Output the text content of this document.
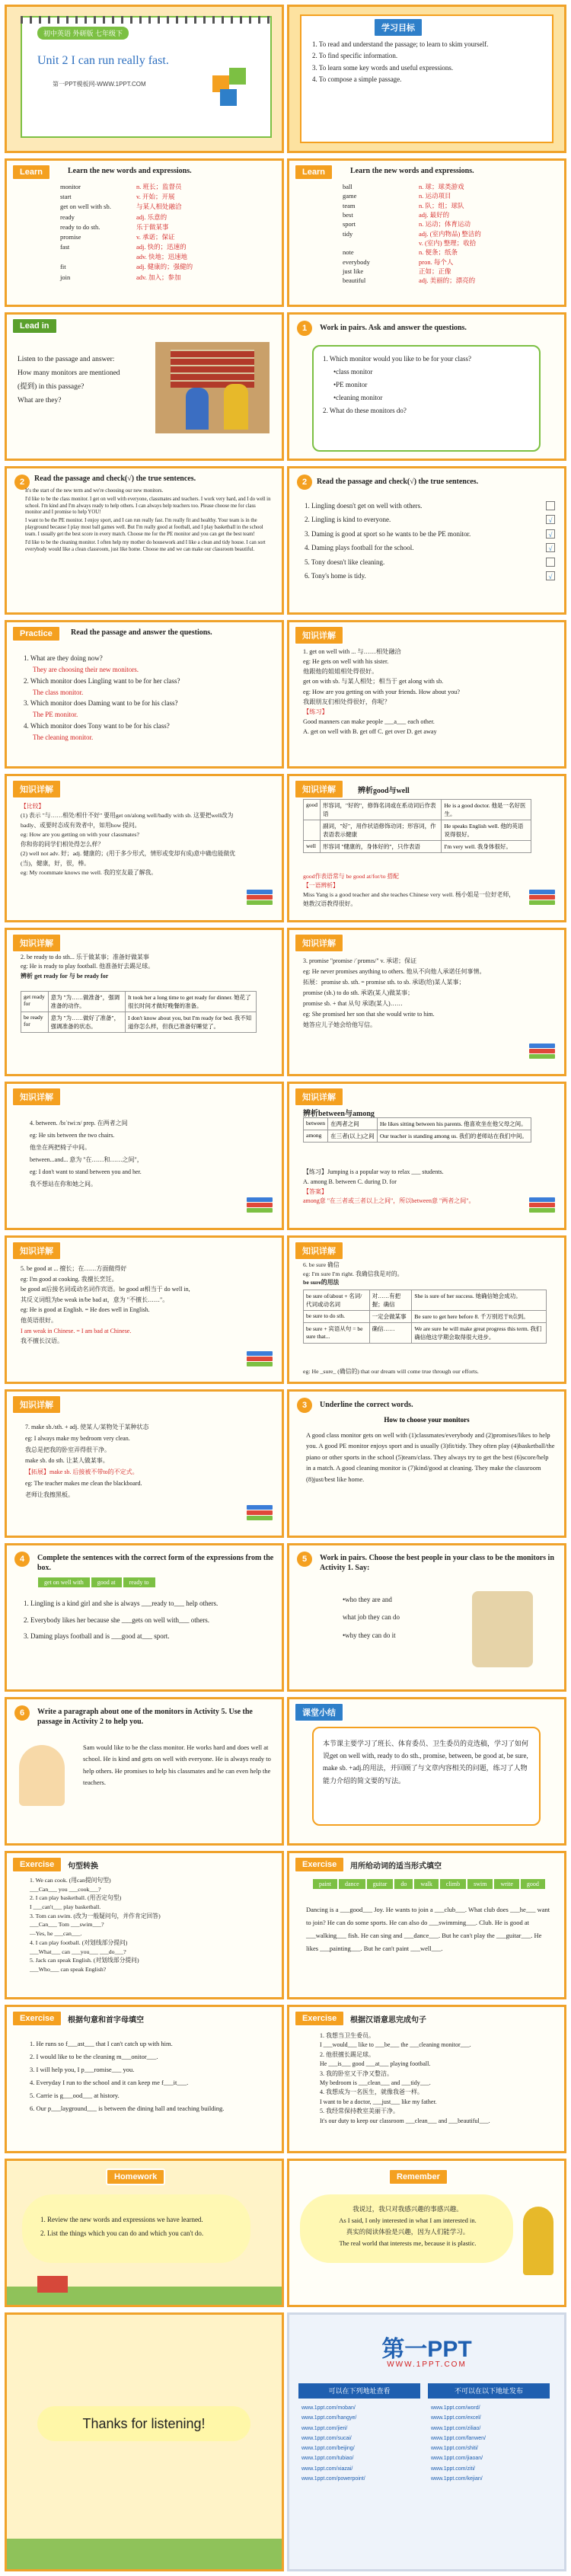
初中英语 外研版 七年级下
Unit 2 I can run really fast.
第一PPT模板网-WWW.1PPT.COM
学习目标
1. To read and understand the passage; to learn to skim yourself.
2. To find specific information.
3. To learn some key words and useful expressions.
4. To compose a simple passage.
Learn	Learn the new words and expressions.
monitor	n. 班长；监督员
start	v. 开始；开展
get on well with sb.	与某人相处融洽
ready	adj. 乐意的
ready to do sth.	乐于做某事
promise	v. 承诺；保证
fast	adj. 快的；迅速的
adv. 快地；迅速地
fit	adj. 健康的；强健的
join	adv. 加入；参加
Learn	Learn the new words and expressions.
ball	n. 球；球类游戏
game	n. 运动项目
team	n. 队；组；球队
best	adj. 最好的
sport	n. 运动；体育运动
tidy	adj. (室内物品) 整洁的
v. (室内) 整理；收拾
note	n. 便条；纸条
everybody	pron. 每个人
just like	正如；正像
beautiful	adj. 美丽的；漂亮的
Lead in
Listen to the passage and answer:
How many monitors are mentioned
(提到) in this passage?
What are they?
1	Work in pairs. Ask and answer the questions.
1. Which monitor would you like to be for your class?
•class monitor
•PE monitor
•cleaning monitor
2. What do these monitors do?
2	Read the passage and check(√) the true sentences.
It's the start of the new term and we're choosing our new monitors.
I'd like to be the class monitor. I get on well with everyone, classmates and teachers. I work very hard, and I do well in school. I'm kind and I'm always ready to help others. I can always help teachers too. Please choose me for class monitor and I promise to help YOU!
I want to be the PE monitor. I enjoy sport, and I can run really fast. I'm really fit and healthy. Your team is in the playground because I play most ball games well. But I'm really good at football, and I play basketball in the school team. I usually get the best score in every match. Choose me for the PE monitor and you can get the best team!
I'd like to be the cleaning monitor. I often help my mother do housework and I like a clean and tidy house. I can sort everybody would like a clean classroom, just like home. Choose me and we can make our classroom beautiful.
2	Read the passage and check(√) the true sentences.
1. Lingling doesn't get on well with others.
2. Lingling is kind to everyone.	√
3. Daming is good at sport so he wants to be the PE monitor.	√
4. Daming plays football for the school.	√
5. Tony doesn't like cleaning.
6. Tony's home is tidy.	√
Practice	Read the passage and answer the questions.
1. What are they doing now?
They are choosing their new monitors.
2. Which monitor does Lingling want to be for her class?
The class monitor.
3. Which monitor does Daming want to be for his class?
The PE monitor.
4. Which monitor does Tony want to be for his class?
The cleaning monitor.
知识详解
1. get on well with ... 与……相处融洽
eg: He gets on well with his sister.
他跟他的姐姐相处得很好。
get on with sb. 与某人相处；相当于 get along with sb.
eg: How are you getting on with your friends. How about you?
我跟朋友们相处得很好，你呢？
【练习】
Good manners can make people ___a___ each other.
A. get on well with B. get off C. get over D. get away
知识详解
【比较】
(1) 表示 "与……相处/相什不好" 要用get on/along well/badly with sb. 这要把well改为badly、或要时态成有效者中，如用how 提问。
eg: How are you getting on with your classmates?
你和你的同学们相处得怎么样？
(2) well not adv. 好；adj. 健康的；(用于多少形式，情形或变却有成)意中确也能做优(当)，健康，好，很，棒。
eg: My roommate knows me well. 我的室友最了解我。
知识详解	辨析good与well
good	形容词，"好的"，修饰名词或在系动词后作表语	He is a good doctor. 他是一名好医生。
	副词，"好"，用作状语修饰动词；形容词，作表语表示健康	He speaks English well. 他的英语说得很好。
well	形容词 "健康的，身体好的"，只作表语	I'm very well. 我身体很好。
good作表语常与 be good at/for/to 搭配
【一语辨析】
Miss Yang is a good teacher and she teaches Chinese very well. 杨小姐是一位好老师，她教汉语教得很好。
知识详解
2. be ready to do sth... 乐于做某事；准备好做某事
eg: He is ready to play football. 他准备好去踢足球。
辨析 get ready for 与 be ready for
get ready for	意为 "为……做准备"，强调准备的动作。	It took her a long time to get ready for dinner. 她花了很长时间才做好晚餐的准备。
be ready for	意为 "为……做好了准备"，强调准备的状态。	I don't know about you, but I'm ready for bed. 我不知道你怎么样，但我已准备好睡觉了。
知识详解
3. promise "promise /ˈprɒmɪs/" v. 承诺；保证
eg: He never promises anything to others. 他从不向他人承诺任何事情。
拓展：promise sb. sth. = promise sth. to sb. 承诺(给)某人某事；
promise (sb.) to do sth. 承诺(某人)做某事；
promise sb. + that 从句 承诺(某人)……
eg: She promised her son that she would write to him.
她答应儿子她会给他写信。
知识详解
4. between. /bɪˈtwiːn/ prep. 在两者之间
eg: He sits between the two chairs.
他坐在两把椅子中间。
between...and... 意为 "在……和……之间"，
eg: I don't want to stand between you and her.
我不想站在你和她之间。
知识详解
辨析between与among
between	在两者之间	He likes sitting between his parents. 他喜欢坐在他父母之间。
among	在三者(以上)之间	Our teacher is standing among us. 我们的老师站在我们中间。
【练习】Jumping is a popular way to relax ___ students.
A. among B. between C. during D. for
【答案】
among意 "在三者或三者以上之间"，所以between意 "两者之间"。
知识详解
5. be good at ... 擅长；在……方面做得好
eg: I'm good at cooking. 我擅长烹饪。
be good at后接名词或动名词作宾语。be good at相当于 do well in,
其反义词组为be weak in/be bad at，意为 "不擅长……"。
eg: He is good at English. = He does well in English.
他英语很好。
I am weak in Chinese. = I am bad at Chinese.
我不擅长汉语。
知识详解
6. be sure 确信
eg: I'm sure I'm right. 我确信我是对的。
be sure的用法
be sure of/about + 名词/代词或动名词	对……有把握；确信	She is sure of her success. 她确信她会成功。
be sure to do sth.	一定会做某事	Be sure to get here before 8. 千万别迟于8点到。
be sure + 宾语从句 = be sure that...	确信……	We are sure he will make great progress this term. 我们确信他这学期会取得很大进步。
eg: He _sure_ (确信的) that our dream will come true through our efforts.
知识详解
7. make sb./sth. + adj. 使某人/某物处于某种状态
eg: I always make my bedroom very clean.
我总是把我的卧室弄得很干净。
make sb. do sth. 让某人做某事。
【拓展】make sb. 后接被不带to的不定式。
eg: The teacher makes me clean the blackboard.
老师让我擦黑板。
3	Underline the correct words.
How to choose your monitors
A good class monitor gets on well with (1)classmates/everybody and (2)promises/likes to help you. A good PE monitor enjoys sport and is usually (3)fit/tidy. They often play (4)basketball/the piano or other sports in the school (5)team/class. They always try to get the best (6)score/help in a match. A good cleaning monitor is (7)kind/good at cleaning. They make the classroom (8)just/best like home.
4	Complete the sentences with the correct form of the expressions from the box.
get on well with good at ready to
1. Lingling is a kind girl and she is always ___ready to___ help others.
2. Everybody likes her because she ___gets on well with___ others.
3. Daming plays football and is ___good at___ sport.
5	Work in pairs. Choose the best people in your class to be the monitors in Activity 1. Say:
•who they are and
what job they can do
•why they can do it
6	Write a paragraph about one of the monitors in Activity 5. Use the passage in Activity 2 to help you.
Sam would like to be the class monitor. He works hard and does well at school. He is kind and gets on well with everyone. He is always ready to help others. He promises to help his classmates and he can even help the teachers.
课堂小结
本节课主要学习了班长、体育委员、卫生委员的竞选稿，学习了如何说get on well with, ready to do sth., promise, between, be good at, be sure, make sb. +adj.的用法，并回顾了与文章内容相关的问题，练习了人物能力介绍的简文要的写法。
Exercise	句型转换
1. We can cook. (用can提问句型)
___Can___ you ___cook___?
2. I can play basketball. (用否定句型)
I ___can't___ play basketball.
3. Tom can swim. (改为一般疑问句，并作肯定回答)
___Can___ Tom ___swim___?
—Yes, he ___can___.
4. I can play football. (对划线部分提问)
___What___ can ___you___ ___do___?
5. Jack can speak English. (对划线部分提问)
___Who___ can speak English?
Exercise	用所给动词的适当形式填空
paint dance guitar do walk climb swim write good
Dancing is a ___good___ Joy. He wants to join a ___club___. What club does ___he___ want to join? He can do some sports. He can also do ___swimming___. Club. He is good at ___walking___ fish. He can sing and ___dance___. But he can't play the ___guitar___. He likes ___painting___. But he can't paint ___well___.
Exercise	根据句意和首字母填空
1. He runs so f___ast___ that I can't catch up with him.
2. I would like to be the cleaning m___onitor___.
3. I will help you, I p___romise___ you.
4. Everyday I run to the school and it can keep me f___it___.
5. Carrie is g___ood___ at history.
6. Our p___layground___ is between the dining hall and teaching building.
Exercise	根据汉语意思完成句子
1. 我想当卫生委员。
I ___would___ like to ___be___ the ___cleaning monitor___.
2. 他很擅长踢足球。
He ___is___ good ___at___ playing football.
3. 我的卧室又干净又整洁。
My bedroom is ___clean___ and ___tidy___.
4. 我想成为一名医生，就像我爸一样。
I want to be a doctor, ___just___ like my father.
5. 我经常保持教室美丽干净。
It's our duty to keep our classroom ___clean___ and ___beautiful___.
Homework
1. Review the new words and expressions we have learned.
2. List the things which you can do and which you can't do.
Remember
我说过，我只对我感兴趣的事感兴趣。
As I said, I only interested in what I am interested in.
真实的阅读体验是兴趣，因为人们能学习。
The real world that interests me, because it is plastic.
Thanks for listening!
第一PPT
WWW.1PPT.COM
可以在下列地址查看	不可以在以下地址发布
www.1ppt.com/moban/
www.1ppt.com/hangye/
www.1ppt.com/jieri/
www.1ppt.com/sucai/
www.1ppt.com/beijing/
www.1ppt.com/tubiao/
www.1ppt.com/xiazai/
www.1ppt.com/powerpoint/
www.1ppt.com/word/
www.1ppt.com/excel/
www.1ppt.com/ziliao/
www.1ppt.com/fanwen/
www.1ppt.com/shiti/
www.1ppt.com/jiaoan/
www.1ppt.com/ziti/
www.1ppt.com/kejian/
